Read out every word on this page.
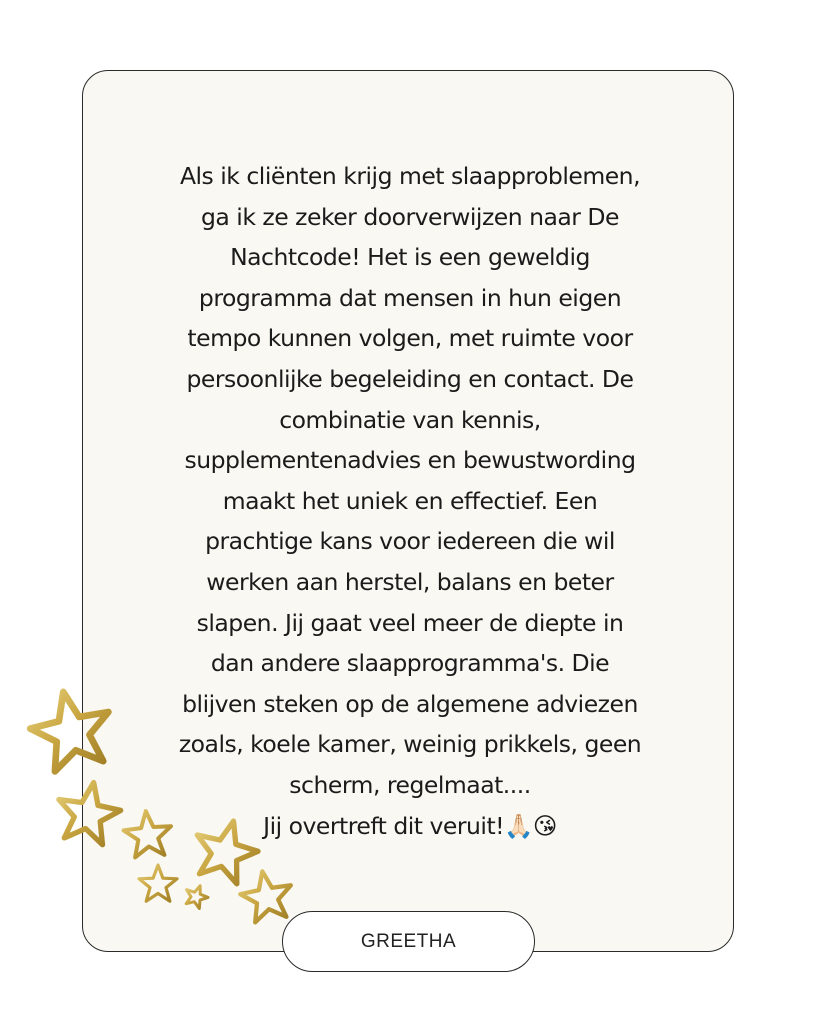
Als ik cliënten krijg met slaapproblemen,
ga ik ze zeker doorverwijzen naar De
Nachtcode! Het is een geweldig
programma dat mensen in hun eigen
tempo kunnen volgen, met ruimte voor
persoonlijke begeleiding en contact. De
combinatie van kennis,
supplementenadvies en bewustwording
maakt het uniek en effectief. Een
prachtige kans voor iedereen die wil
werken aan herstel, balans en beter
slapen. Jij gaat veel meer de diepte in
dan andere slaapprogramma's. Die
blijven steken op de algemene adviezen
zoals, koele kamer, weinig prikkels, geen
scherm, regelmaat....
Jij overtreft dit veruit!🙏🏻😘

GREETHA
